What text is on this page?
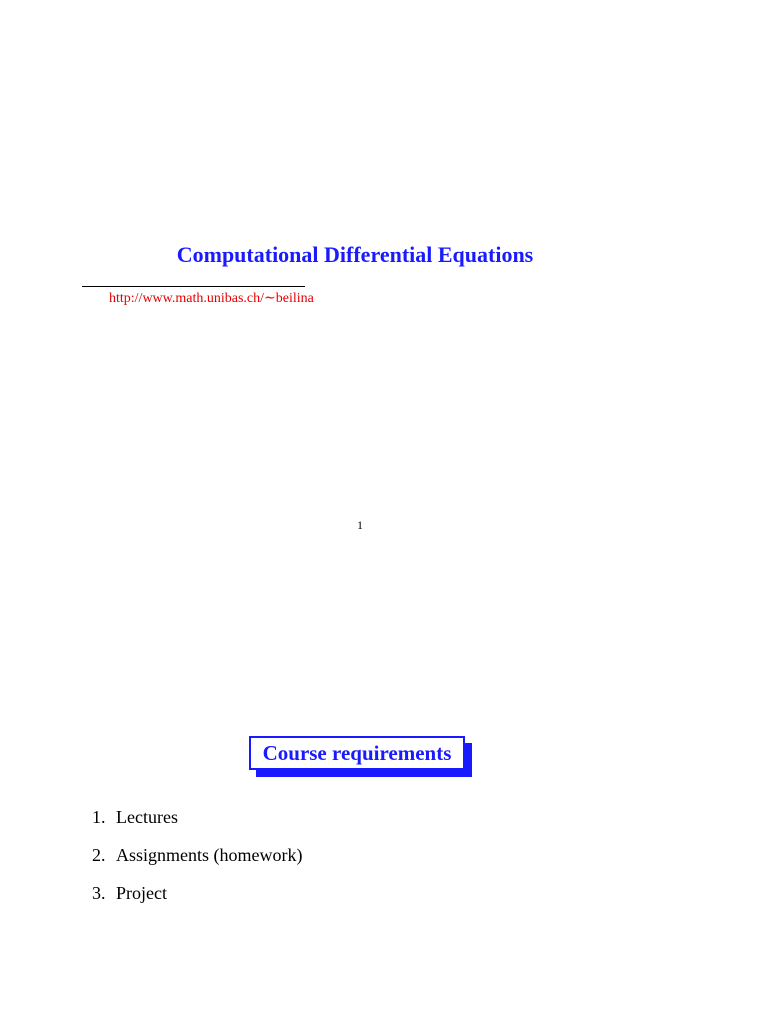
Computational Differential Equations
http://www.math.unibas.ch/∼beilina
1
Course requirements
1. Lectures
2. Assignments (homework)
3. Project
